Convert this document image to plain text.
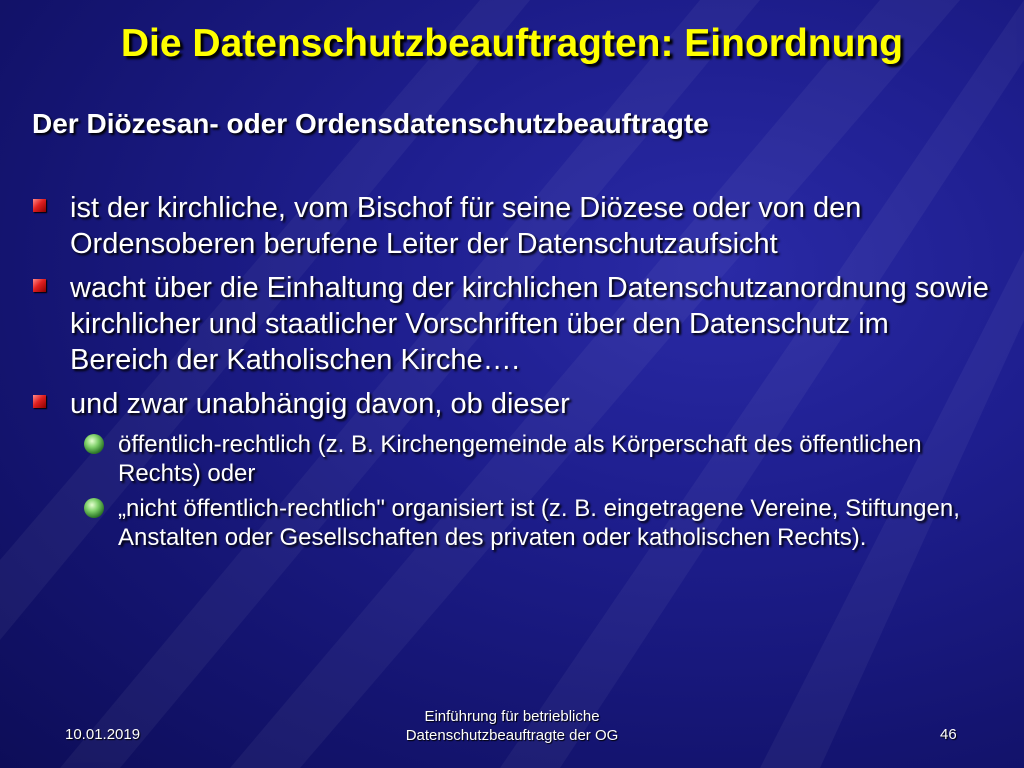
Die Datenschutzbeauftragten: Einordnung
Der Diözesan- oder Ordensdatenschutzbeauftragte
ist der kirchliche, vom Bischof für seine Diözese oder von den Ordensoberen berufene Leiter der Datenschutzaufsicht
wacht über die Einhaltung der kirchlichen Datenschutzanordnung sowie kirchlicher und staatlicher Vorschriften über den Datenschutz im Bereich der Katholischen Kirche….
und zwar unabhängig davon, ob dieser
öffentlich-rechtlich (z. B. Kirchengemeinde als Körperschaft des öffentlichen Rechts) oder
„nicht öffentlich-rechtlich" organisiert ist (z. B. eingetragene Vereine, Stiftungen, Anstalten oder Gesellschaften des privaten oder katholischen Rechts).
10.01.2019
Einführung für betriebliche
Datenschutzbeauftragte der OG	46
